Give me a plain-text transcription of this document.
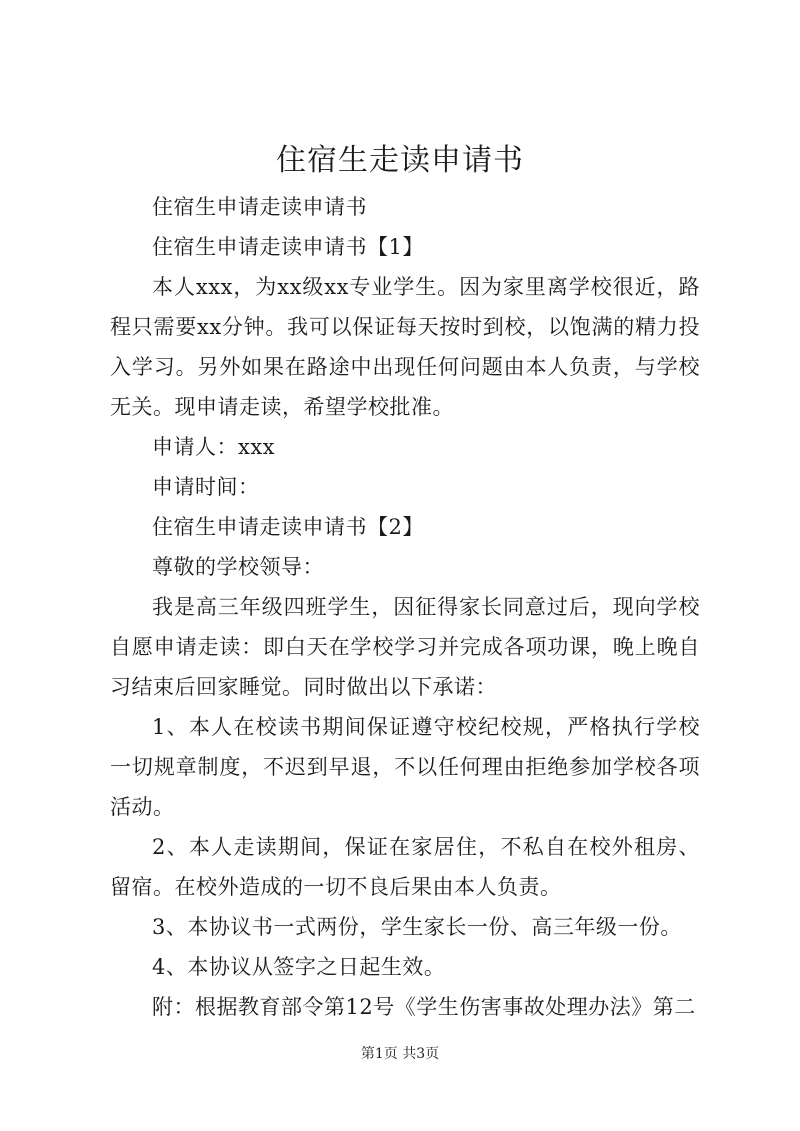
住宿生走读申请书

住宿生申请走读申请书

住宿生申请走读申请书【1】

本人xxx，为xx级xx专业学生。因为家里离学校很近，路程只需要xx分钟。我可以保证每天按时到校，以饱满的精力投入学习。另外如果在路途中出现任何问题由本人负责，与学校无关。现申请走读，希望学校批准。

申请人：xxx

申请时间：

住宿生申请走读申请书【2】

尊敬的学校领导：

我是高三年级四班学生，因征得家长同意过后，现向学校自愿申请走读：即白天在学校学习并完成各项功课，晚上晚自习结束后回家睡觉。同时做出以下承诺：

1、本人在校读书期间保证遵守校纪校规，严格执行学校一切规章制度，不迟到早退，不以任何理由拒绝参加学校各项活动。

2、本人走读期间，保证在家居住，不私自在校外租房、留宿。在校外造成的一切不良后果由本人负责。

3、本协议书一式两份，学生家长一份、高三年级一份。

4、本协议从签字之日起生效。

附：根据教育部令第12号《学生伤害事故处理办法》第二

第1页 共3页
